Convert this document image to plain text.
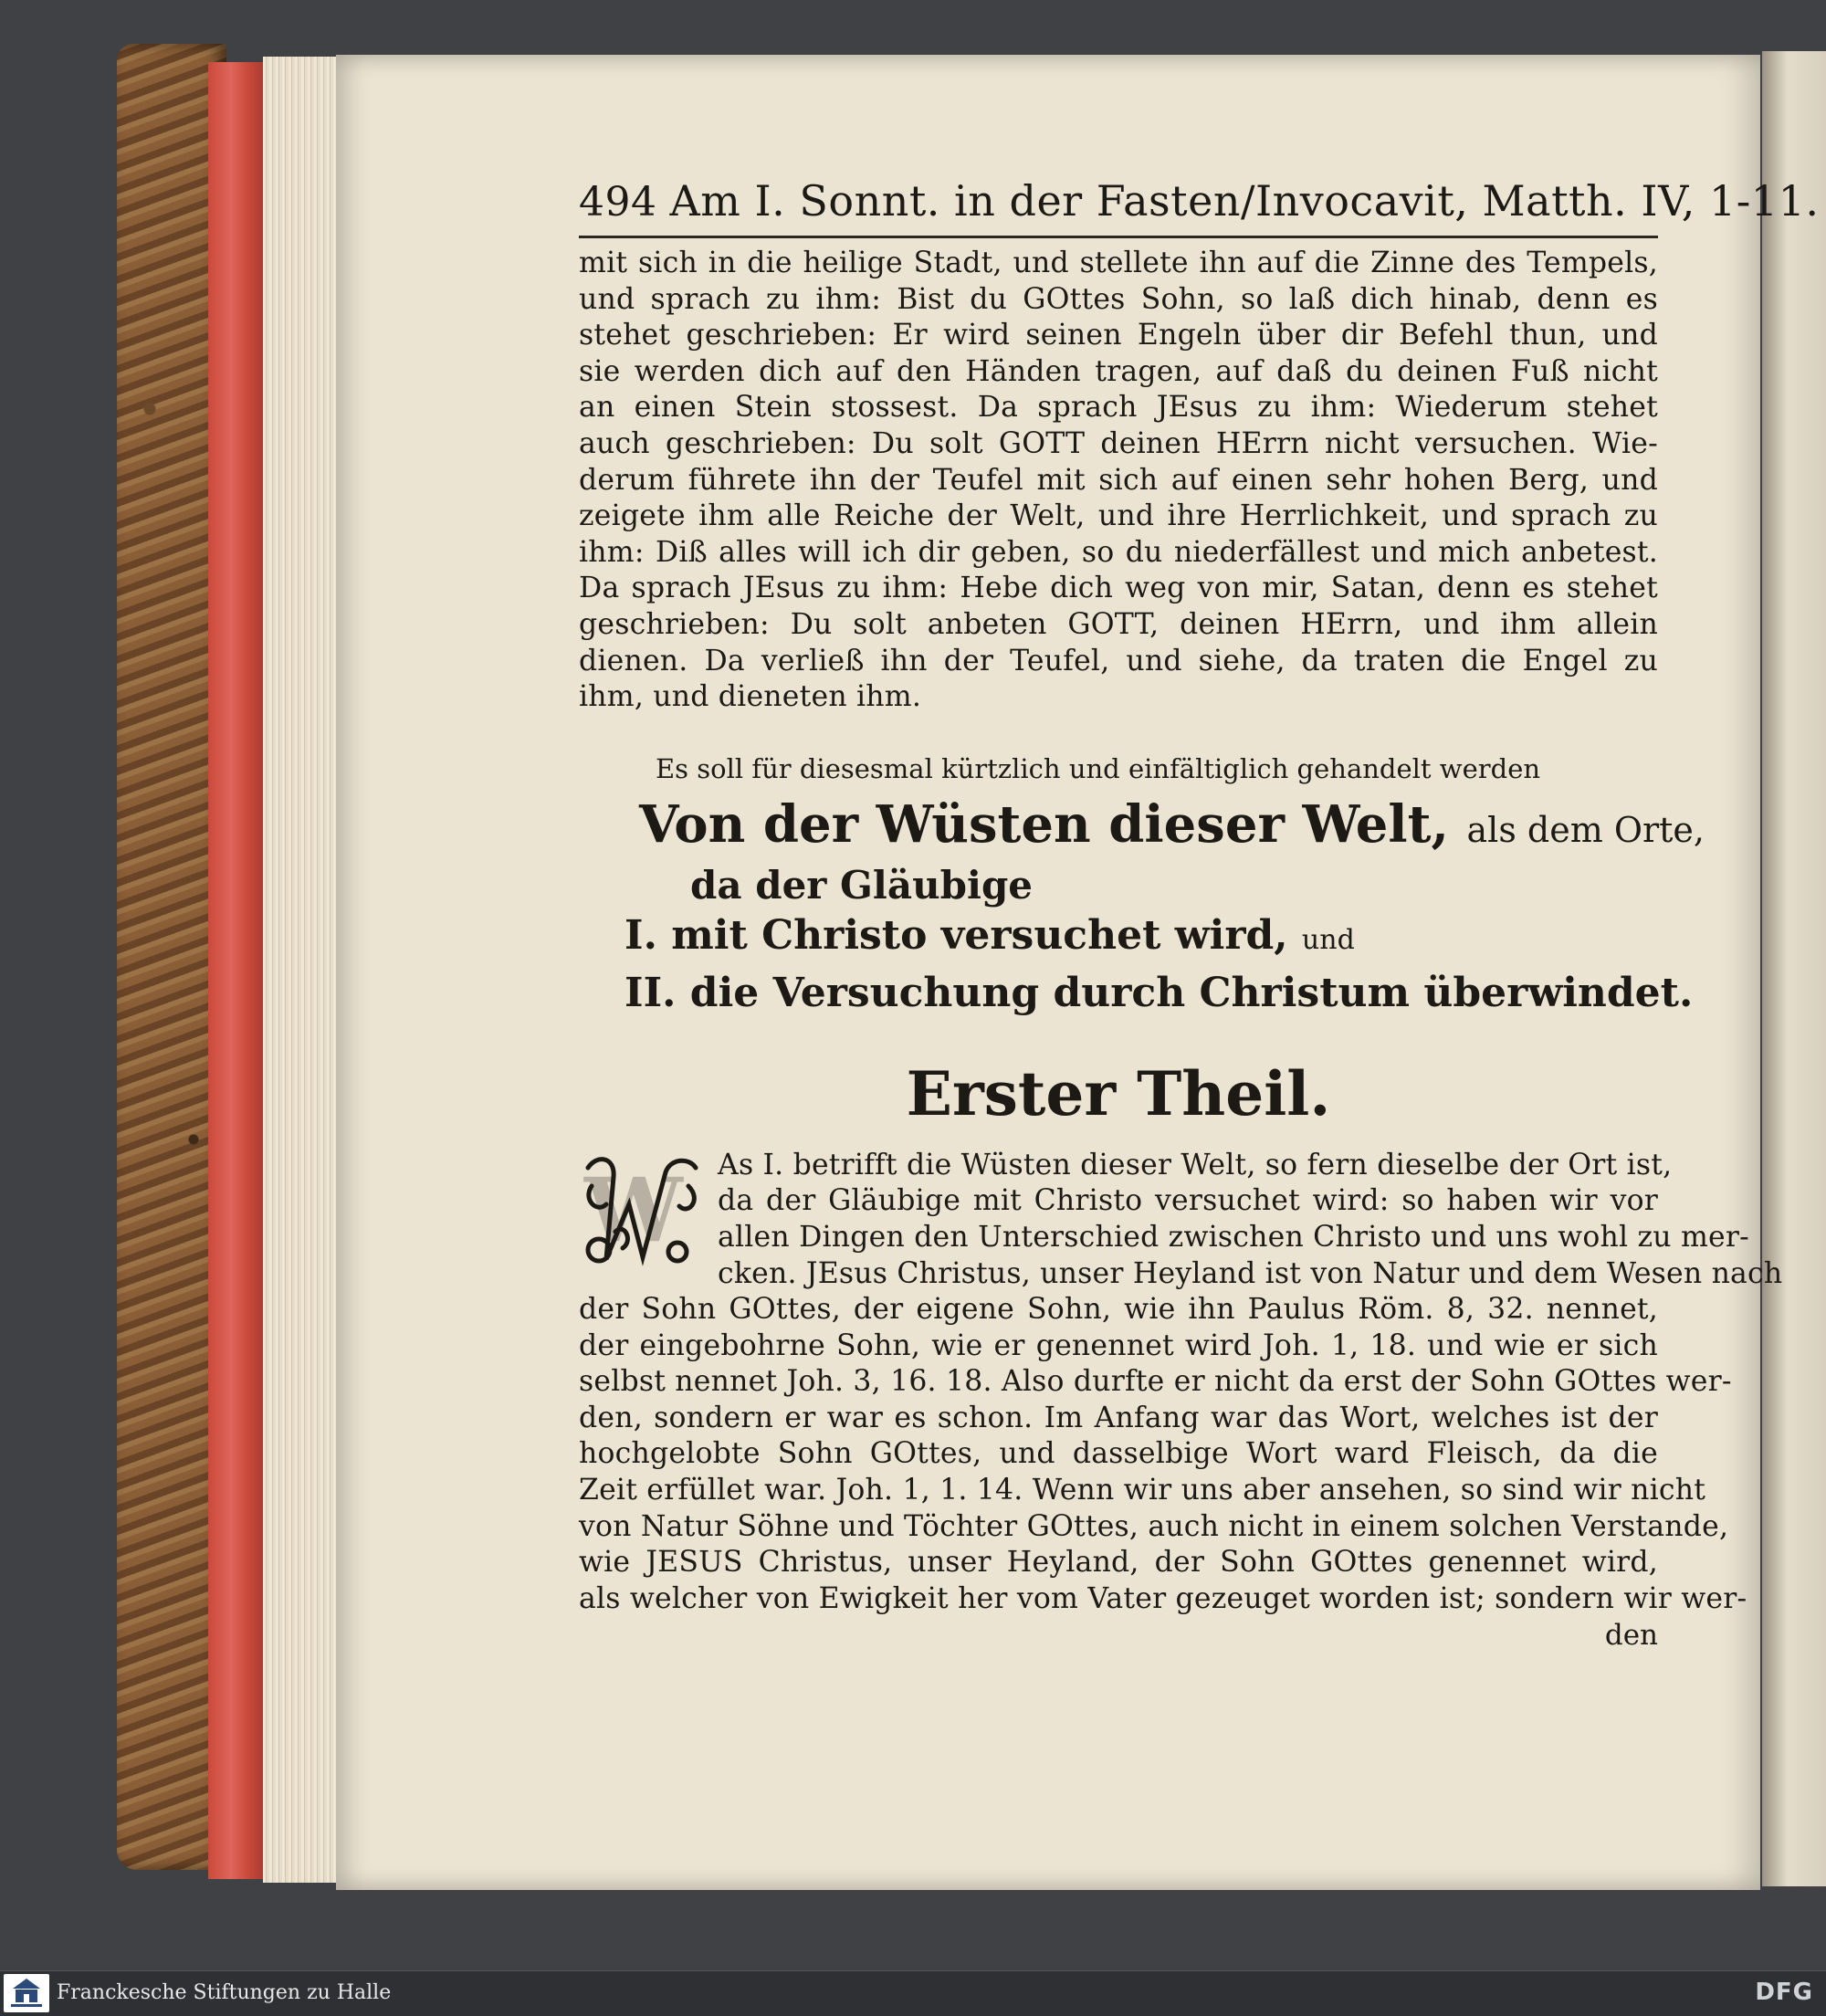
494 Am I. Sonnt. in der Fasten/Invocavit, Matth. IV, 1-11.
mit sich in die heilige Stadt, und stellete ihn auf die Zinne des Tempels,
und sprach zu ihm: Bist du GOttes Sohn, so laß dich hinab, denn es
stehet geschrieben: Er wird seinen Engeln über dir Befehl thun, und
sie werden dich auf den Händen tragen, auf daß du deinen Fuß nicht
an einen Stein stossest. Da sprach JEsus zu ihm: Wiederum stehet
auch geschrieben: Du solt GOTT deinen HErrn nicht versuchen. Wie-
derum führete ihn der Teufel mit sich auf einen sehr hohen Berg, und
zeigete ihm alle Reiche der Welt, und ihre Herrlichkeit, und sprach zu
ihm: Diß alles will ich dir geben, so du niederfällest und mich anbetest.
Da sprach JEsus zu ihm: Hebe dich weg von mir, Satan, denn es stehet
geschrieben: Du solt anbeten GOTT, deinen HErrn, und ihm allein
dienen. Da verließ ihn der Teufel, und siehe, da traten die Engel zu
ihm, und dieneten ihm.
Es soll für diesesmal kürtzlich und einfältiglich gehandelt werden
Von der Wüsten dieser Welt, als dem Orte,
da der Gläubige
I. mit Christo versuchet wird, und
II. die Versuchung durch Christum überwindet.
Erster Theil.
W	As I. betrifft die Wüsten dieser Welt, so fern dieselbe der Ort ist,
da der Gläubige mit Christo versuchet wird: so haben wir vor
allen Dingen den Unterschied zwischen Christo und uns wohl zu mer-
cken. JEsus Christus, unser Heyland ist von Natur und dem Wesen nach
der Sohn GOttes, der eigene Sohn, wie ihn Paulus Röm. 8, 32. nennet,
der eingebohrne Sohn, wie er genennet wird Joh. 1, 18. und wie er sich
selbst nennet Joh. 3, 16. 18. Also durfte er nicht da erst der Sohn GOttes wer-
den, sondern er war es schon. Im Anfang war das Wort, welches ist der
hochgelobte Sohn GOttes, und dasselbige Wort ward Fleisch, da die
Zeit erfüllet war. Joh. 1, 1. 14. Wenn wir uns aber ansehen, so sind wir nicht
von Natur Söhne und Töchter GOttes, auch nicht in einem solchen Verstande,
wie JESUS Christus, unser Heyland, der Sohn GOttes genennet wird,
als welcher von Ewigkeit her vom Vater gezeuget worden ist; sondern wir wer-
den
Franckesche Stiftungen zu Halle	DFG
